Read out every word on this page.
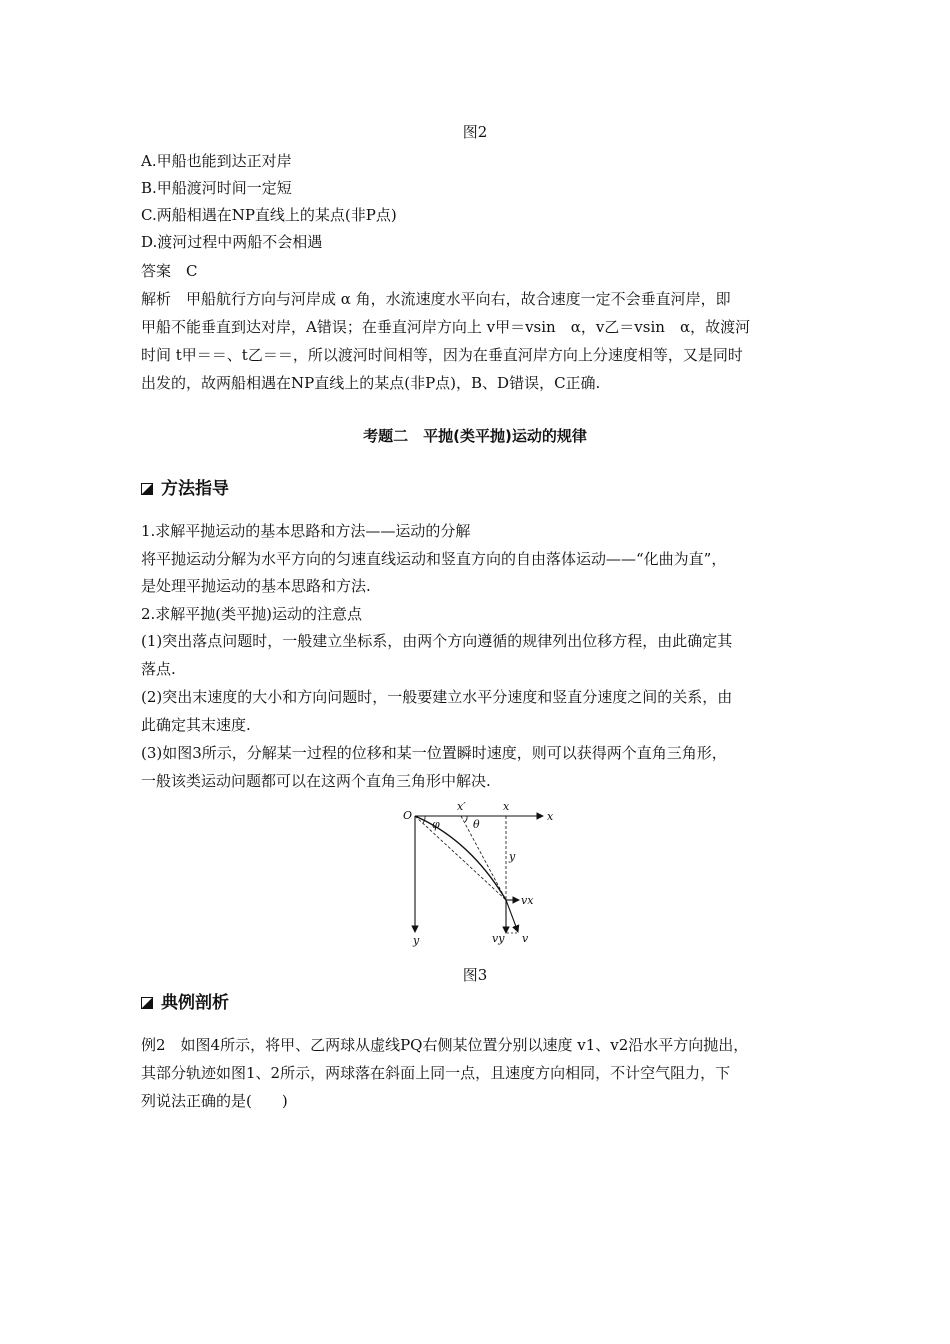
图2
A.甲船也能到达正对岸
B.甲船渡河时间一定短
C.两船相遇在NP直线上的某点(非P点)
D.渡河过程中两船不会相遇
答案　C
解析　甲船航行方向与河岸成 α 角，水流速度水平向右，故合速度一定不会垂直河岸，即
甲船不能垂直到达对岸，A错误；在垂直河岸方向上 v甲＝vsin　α，v乙＝vsin　α，故渡河
时间 t甲＝＝、t乙＝＝，所以渡河时间相等，因为在垂直河岸方向上分速度相等，又是同时
出发的，故两船相遇在NP直线上的某点(非P点)，B、D错误，C正确.
考题二　平抛(类平抛)运动的规律
方法指导
1.求解平抛运动的基本思路和方法——运动的分解
将平抛运动分解为水平方向的匀速直线运动和竖直方向的自由落体运动——“化曲为直”，
是处理平抛运动的基本思路和方法.
2.求解平抛(类平抛)运动的注意点
(1)突出落点问题时，一般建立坐标系，由两个方向遵循的规律列出位移方程，由此确定其
落点.
(2)突出末速度的大小和方向问题时，一般要建立水平分速度和竖直分速度之间的关系，由
此确定其末速度.
(3)如图3所示，分解某一过程的位移和某一位置瞬时速度，则可以获得两个直角三角形，
一般该类运动问题都可以在这两个直角三角形中解决.
O
x′	x
x
φ	θ
y
vx
y	vy v
图3
典例剖析
例2　如图4所示，将甲、乙两球从虚线PQ右侧某位置分别以速度 v1、v2沿水平方向抛出，
其部分轨迹如图1、2所示，两球落在斜面上同一点，且速度方向相同，不计空气阻力，下
列说法正确的是(　　)
